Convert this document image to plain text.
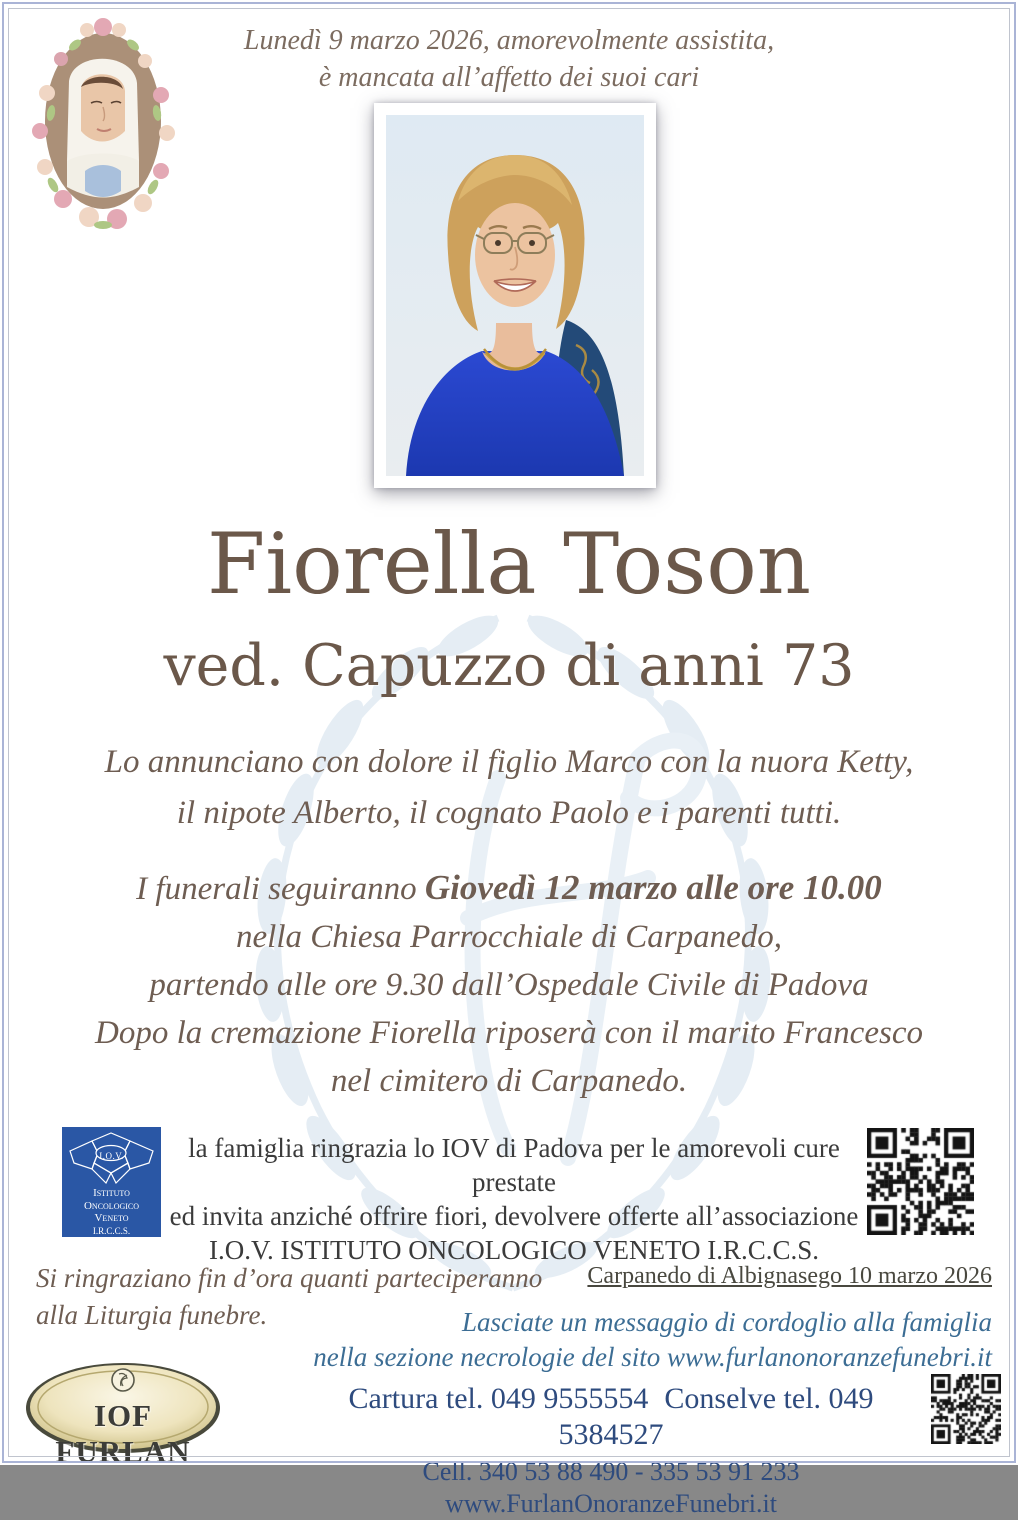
Lunedì 9 marzo 2026, amorevolmente assistita,
è mancata all’affetto dei suoi cari
Fiorella Toson
ved. Capuzzo di anni 73
Lo annunciano con dolore il figlio Marco con la nuora Ketty,
il nipote Alberto, il cognato Paolo e i parenti tutti.
I funerali seguiranno Giovedì 12 marzo alle ore 10.00
nella Chiesa Parrocchiale di Carpanedo,
partendo alle ore 9.30 dall’Ospedale Civile di Padova
Dopo la cremazione Fiorella riposerà con il marito Francesco
nel cimitero di Carpanedo.
I.O.V.
Istituto
Oncologico
Veneto
I.R.C.C.S.
la famiglia ringrazia lo IOV di Padova per le amorevoli cure prestate
ed invita anziché offrire fiori, devolvere offerte all’associazione
I.O.V. ISTITUTO ONCOLOGICO VENETO I.R.C.C.S.
Si ringraziano fin d’ora quanti parteciperanno
alla Liturgia funebre.
Carpanedo di Albignasego 10 marzo 2026
Lasciate un messaggio di cordoglio alla famiglia
nella sezione necrologie del sito www.furlanonoranzefunebri.it
IOF FURLAN
Cartura tel. 049 9555554 Conselve tel. 049 5384527
Cell. 340 53 88 490 - 335 53 91 233 www.FurlanOnoranzeFunebri.it
